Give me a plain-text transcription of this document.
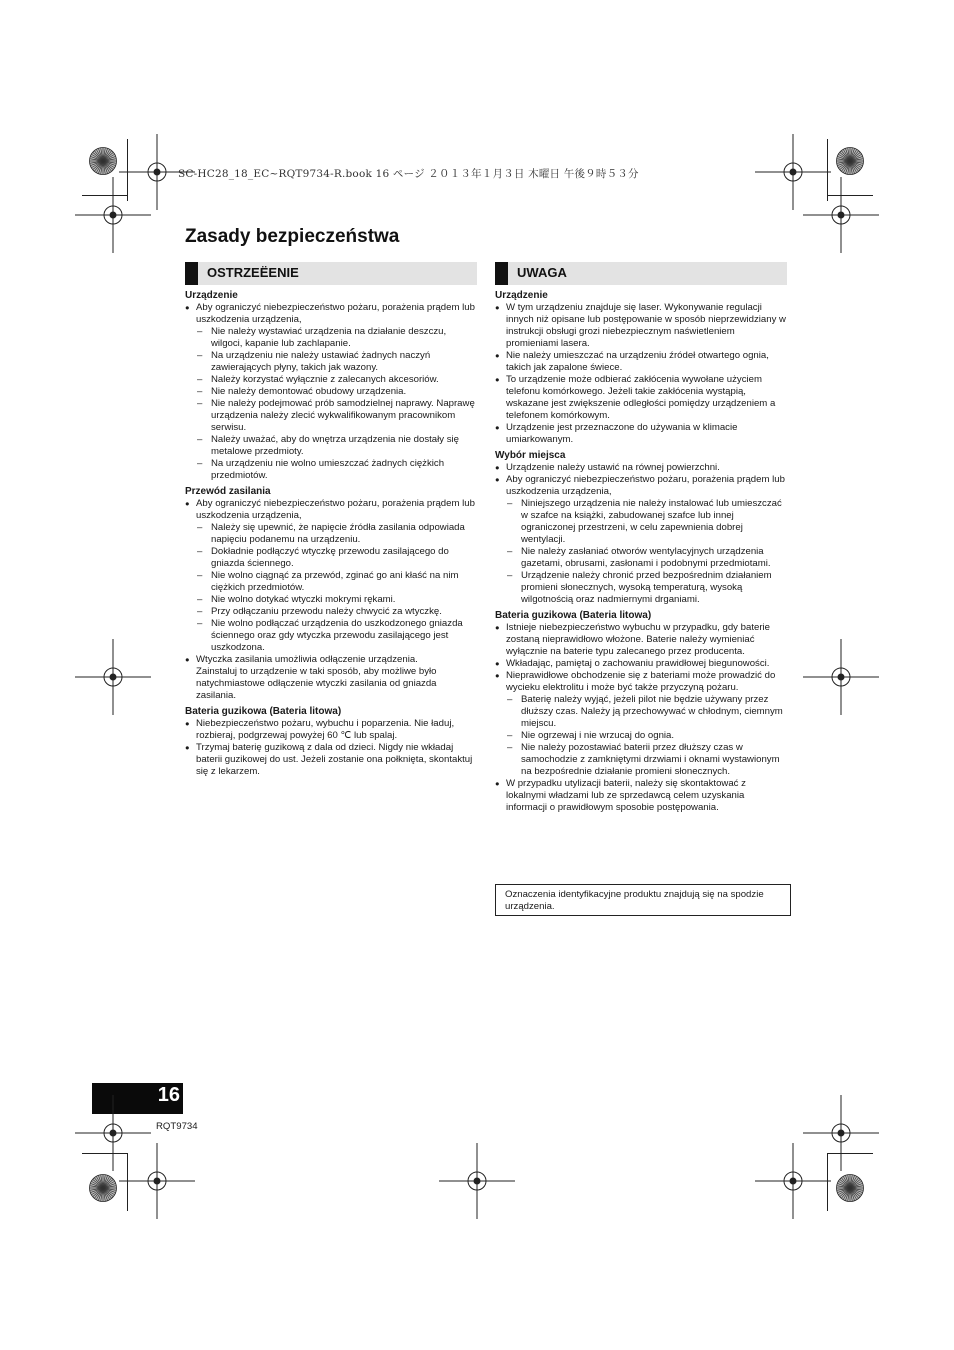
SC-HC28_18_EC~RQT9734-R.book 16 ページ ２０１３年１月３日 木曜日 午後９時５３分
Zasady bezpieczeństwa
OSTRZEËENIE
Urządzenie
● Aby ograniczyć niebezpieczeństwo pożaru, porażenia prądem lub uszkodzenia urządzenia,
– Nie należy wystawiać urządzenia na działanie deszczu, wilgoci, kapanie lub zachlapanie.
– Na urządzeniu nie należy ustawiać żadnych naczyń zawierających płyny, takich jak wazony.
– Należy korzystać wyłącznie z zalecanych akcesoriów.
– Nie należy demontować obudowy urządzenia.
– Nie należy podejmować prób samodzielnej naprawy. Naprawę urządzenia należy zlecić wykwalifikowanym pracownikom serwisu.
– Należy uważać, aby do wnętrza urządzenia nie dostały się metalowe przedmioty.
– Na urządzeniu nie wolno umieszczać żadnych ciężkich przedmiotów.
Przewód zasilania
● Aby ograniczyć niebezpieczeństwo pożaru, porażenia prądem lub uszkodzenia urządzenia,
– Należy się upewnić, że napięcie źródła zasilania odpowiada napięciu podanemu na urządzeniu.
– Dokładnie podłączyć wtyczkę przewodu zasilającego do gniazda ściennego.
– Nie wolno ciągnąć za przewód, zginać go ani kłaść na nim ciężkich przedmiotów.
– Nie wolno dotykać wtyczki mokrymi rękami.
– Przy odłączaniu przewodu należy chwycić za wtyczkę.
– Nie wolno podłączać urządzenia do uszkodzonego gniazda ściennego oraz gdy wtyczka przewodu zasilającego jest uszkodzona.
● Wtyczka zasilania umożliwia odłączenie urządzenia.
Zainstaluj to urządzenie w taki sposób, aby możliwe było natychmiastowe odłączenie wtyczki zasilania od gniazda zasilania.
Bateria guzikowa (Bateria litowa)
● Niebezpieczeństwo pożaru, wybuchu i poparzenia. Nie ładuj, rozbieraj, podgrzewaj powyżej 60 ℃ lub spalaj.
● Trzymaj baterię guzikową z dala od dzieci. Nigdy nie wkładaj baterii guzikowej do ust. Jeżeli zostanie ona połknięta, skontaktuj się z lekarzem.
UWAGA
Urządzenie
● W tym urządzeniu znajduje się laser. Wykonywanie regulacji innych niż opisane lub postępowanie w sposób nieprzewidziany w instrukcji obsługi grozi niebezpiecznym naświetleniem promieniami lasera.
● Nie należy umieszczać na urządzeniu źródeł otwartego ognia, takich jak zapalone świece.
● To urządzenie może odbierać zakłócenia wywołane użyciem telefonu komórkowego. Jeżeli takie zakłócenia wystąpią, wskazane jest zwiększenie odległości pomiędzy urządzeniem a telefonem komórkowym.
● Urządzenie jest przeznaczone do używania w klimacie umiarkowanym.
Wybór miejsca
● Urządzenie należy ustawić na równej powierzchni.
● Aby ograniczyć niebezpieczeństwo pożaru, porażenia prądem lub uszkodzenia urządzenia,
– Niniejszego urządzenia nie należy instalować lub umieszczać w szafce na książki, zabudowanej szafce lub innej ograniczonej przestrzeni, w celu zapewnienia dobrej wentylacji.
– Nie należy zasłaniać otworów wentylacyjnych urządzenia gazetami, obrusami, zasłonami i podobnymi przedmiotami.
– Urządzenie należy chronić przed bezpośrednim działaniem promieni słonecznych, wysoką temperaturą, wysoką wilgotnością oraz nadmiernymi drganiami.
Bateria guzikowa (Bateria litowa)
● Istnieje niebezpieczeństwo wybuchu w przypadku, gdy baterie zostaną nieprawidłowo włożone. Baterie należy wymieniać wyłącznie na baterie typu zalecanego przez producenta.
● Wkładając, pamiętaj o zachowaniu prawidłowej biegunowości.
● Nieprawidłowe obchodzenie się z bateriami może prowadzić do wycieku elektrolitu i może być także przyczyną pożaru.
– Baterię należy wyjąć, jeżeli pilot nie będzie używany przez dłuższy czas. Należy ją przechowywać w chłodnym, ciemnym miejscu.
– Nie ogrzewaj i nie wrzucaj do ognia.
– Nie należy pozostawiać baterii przez dłuższy czas w samochodzie z zamkniętymi drzwiami i oknami wystawionym na bezpośrednie działanie promieni słonecznych.
● W przypadku utylizacji baterii, należy się skontaktować z lokalnymi władzami lub ze sprzedawcą celem uzyskania informacji o prawidłowym sposobie postępowania.
Oznaczenia identyfikacyjne produktu znajdują się na spodzie urządzenia.
16
RQT9734
